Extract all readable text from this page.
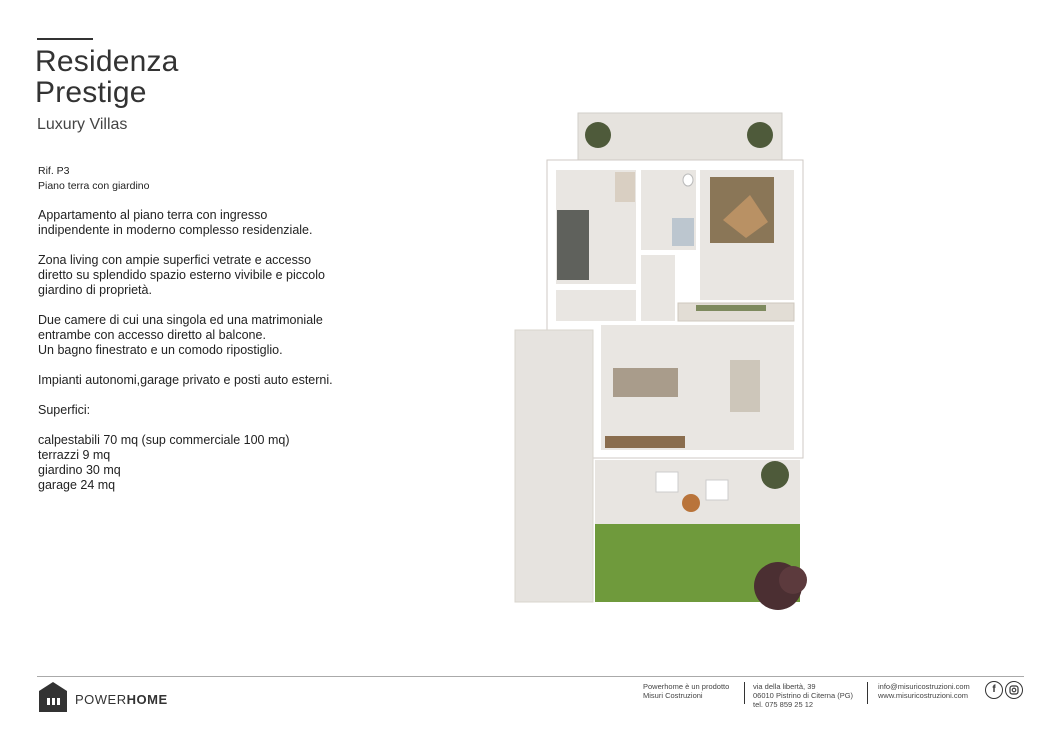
Residenza
Prestige
Luxury Villas
Rif. P3
Piano terra con giardino

Appartamento al piano terra con ingresso indipendente in moderno complesso residenziale.

Zona living con ampie superfici vetrate e accesso diretto su splendido spazio esterno vivibile e piccolo giardino di proprietà.

Due camere di cui una singola ed una matrimoniale entrambe con accesso diretto al balcone.
Un bagno finestrato e un comodo ripostiglio.

Impianti autonomi,garage privato e posti auto esterni.

Superfici:

calpestabili 70 mq (sup commerciale 100 mq)
terrazzi 9 mq
giardino 30 mq
garage 24 mq

POWERHOME
Powerhome è un prodotto
Misuri Costruzioni
via della libertà, 39
06010 Pistrino di Citerna (PG)
tel. 075 859 25 12
info@misuricostruzioni.com
www.misuricostruzioni.com
f
